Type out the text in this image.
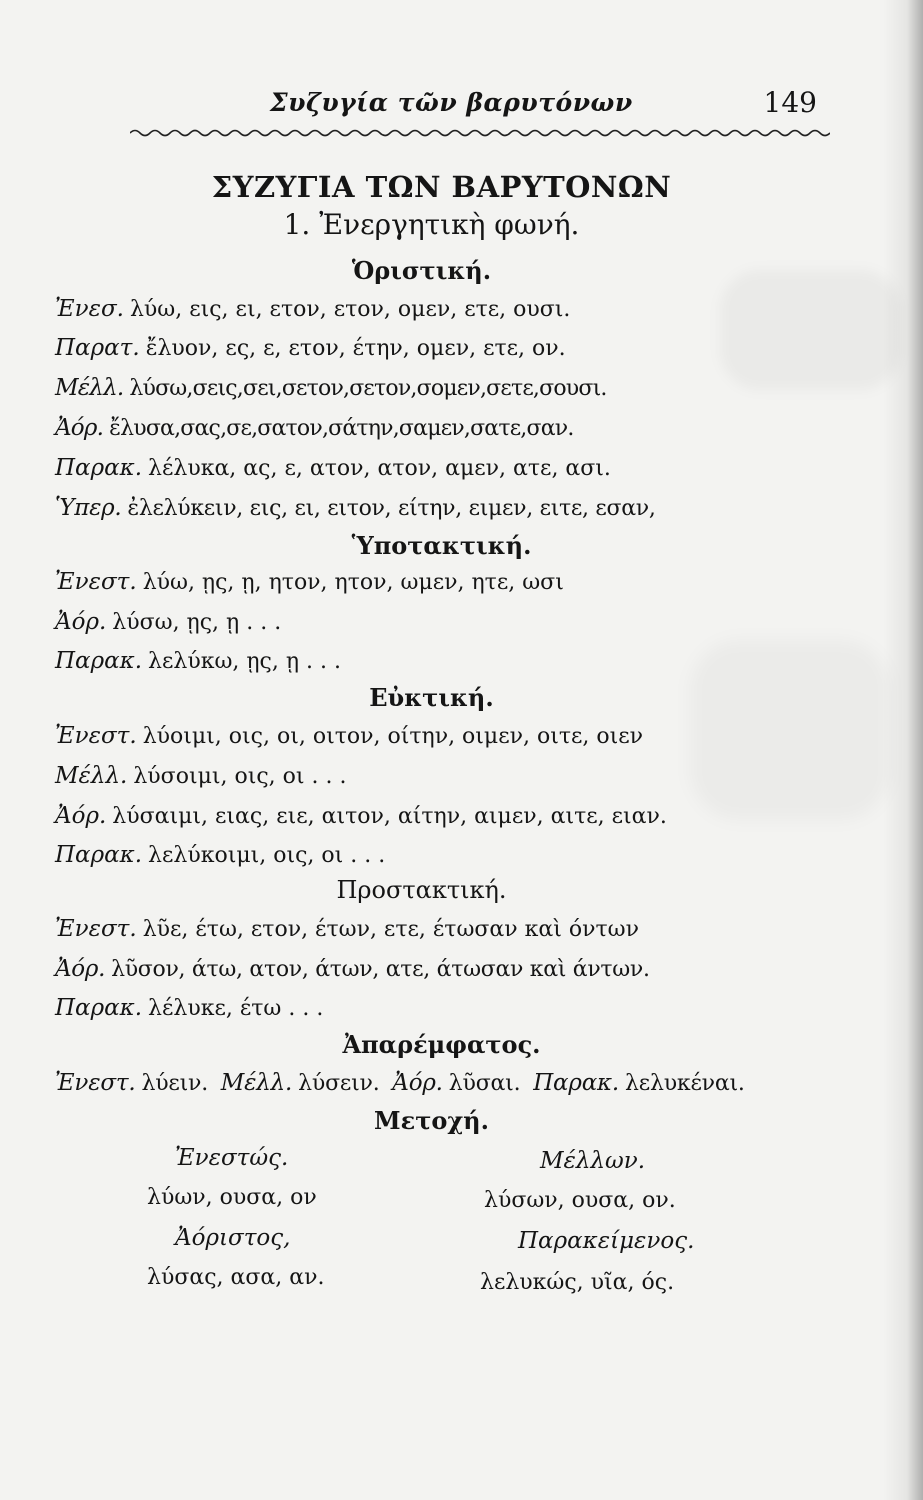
Συζυγία τῶν βαρυτόνων	149
ΣΥΖΥΓΙΑ ΤΩΝ ΒΑΡΥΤΟΝΩΝ
1. Ἐνεργητικὴ φωνή.
Ὁριστική.
Ἐνεσ. λύω, εις, ει, ετον, ετον, ομεν, ετε, ουσι.
Παρατ. ἔλυον, ες, ε, ετον, έτην, ομεν, ετε, ον.
Μέλλ. λύσω,σεις,σει,σετον,σετον,σομεν,σετε,σουσι.
Ἀόρ. ἔλυσα,σας,σε,σατον,σάτην,σαμεν,σατε,σαν.
Παρακ. λέλυκα, ας, ε, ατον, ατον, αμεν, ατε, ασι.
Ὑπερ. ἐλελύκειν, εις, ει, ειτον, είτην, ειμεν, ειτε, εσαν,
Ὑποτακτική.
Ἐνεστ. λύω, ῃς, ῃ, ητον, ητον, ωμεν, ητε, ωσι
Ἀόρ. λύσω, ῃς, ῃ . . .
Παρακ. λελύκω, ῃς, ῃ . . .
Εὐκτική.
Ἐνεστ. λύοιμι, οις, οι, οιτον, οίτην, οιμεν, οιτε, οιεν
Μέλλ. λύσοιμι, οις, οι . . .
Ἀόρ. λύσαιμι, ειας, ειε, αιτον, αίτην, αιμεν, αιτε, ειαν.
Παρακ. λελύκοιμι, οις, οι . . .
Προστακτική.
Ἐνεστ. λῦε, έτω, ετον, έτων, ετε, έτωσαν καὶ όντων
Ἀόρ. λῦσον, άτω, ατον, άτων, ατε, άτωσαν καὶ άντων.
Παρακ. λέλυκε, έτω . . .
Ἀπαρέμφατος.
Ἐνεστ. λύειν. Μέλλ. λύσειν. Ἀόρ. λῦσαι. Παρακ. λελυκέναι.
Μετοχή.
Ἐνεστώς.
λύων, ουσα, ον
Ἀόριστος,
λύσας, ασα, αν.
Μέλλων.
λύσων, ουσα, ον.
Παρακείμενος.
λελυκώς, υῖα, ός.
